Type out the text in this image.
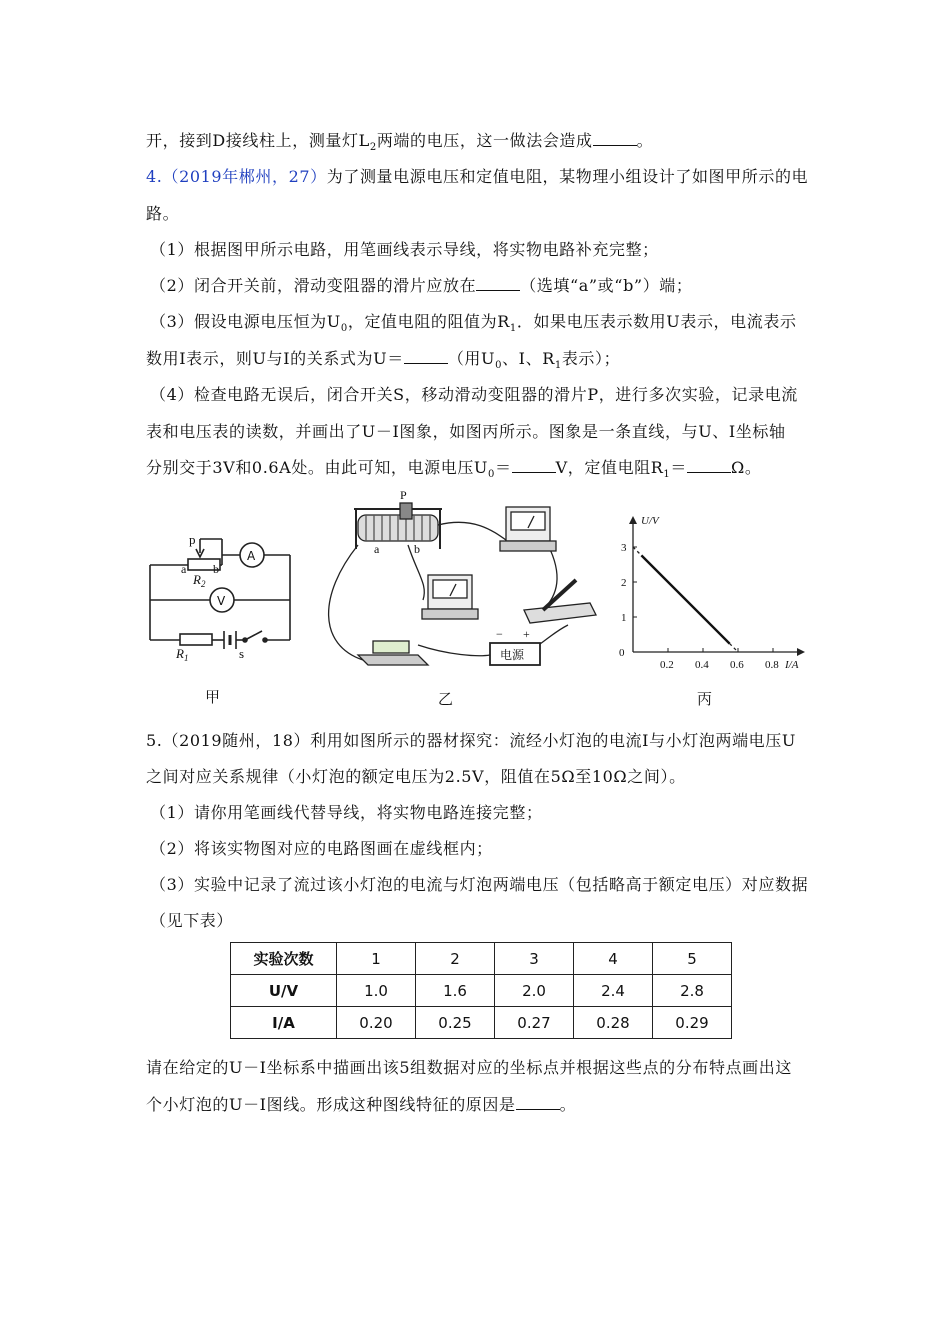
开，接到D接线柱上，测量灯$L_2$两端的电压，这一做法会造成	。
4.（2019年郴州，27）为了测量电源电压和定值电阻，某物理小组设计了如图甲所示的电
路。
（1）根据图甲所示电路，用笔画线表示导线，将实物电路补充完整；
（2）闭合开关前，滑动变阻器的滑片应放在	（选填“a”或“b”）端；
（3）假设电源电压恒为$U_0$，定值电阻的阻值为$R_1$．如果电压表示数用U表示，电流表示
数用I表示，则U与I的关系式为U＝	（用$U_0$、I、$R_1$表示）；
（4）检查电路无误后，闭合开关S，移动滑动变阻器的滑片P，进行多次实验，记录电流
表和电压表的读数，并画出了U－I图象，如图丙所示。图象是一条直线，与U、I坐标轴
分别交于3V和0.6A处。由此可知，电源电压$U_0=$	V，定值电阻$R_1=$	Ω。
p
a b
$R_2$
A
V
$R_1$	s
甲
P
a	b
电源
− +
乙
U/V
I/A
0
1
2
3
0.2 0.4 0.6 0.8
丙
5.（2019随州，18）利用如图所示的器材探究：流经小灯泡的电流I与小灯泡两端电压U
之间对应关系规律（小灯泡的额定电压为2.5V，阻值在5Ω至10Ω之间）。
（1）请你用笔画线代替导线，将实物电路连接完整；
（2）将该实物图对应的电路图画在虚线框内；
（3）实验中记录了流过该小灯泡的电流与灯泡两端电压（包括略高于额定电压）对应数据
（见下表）
实验次数	1	2	3	4	5
U/V	1.0	1.6	2.0	2.4	2.8
I/A	0.20	0.25	0.27	0.28	0.29
请在给定的U－I坐标系中描画出该5组数据对应的坐标点并根据这些点的分布特点画出这
个小灯泡的U－I图线。形成这种图线特征的原因是	。
